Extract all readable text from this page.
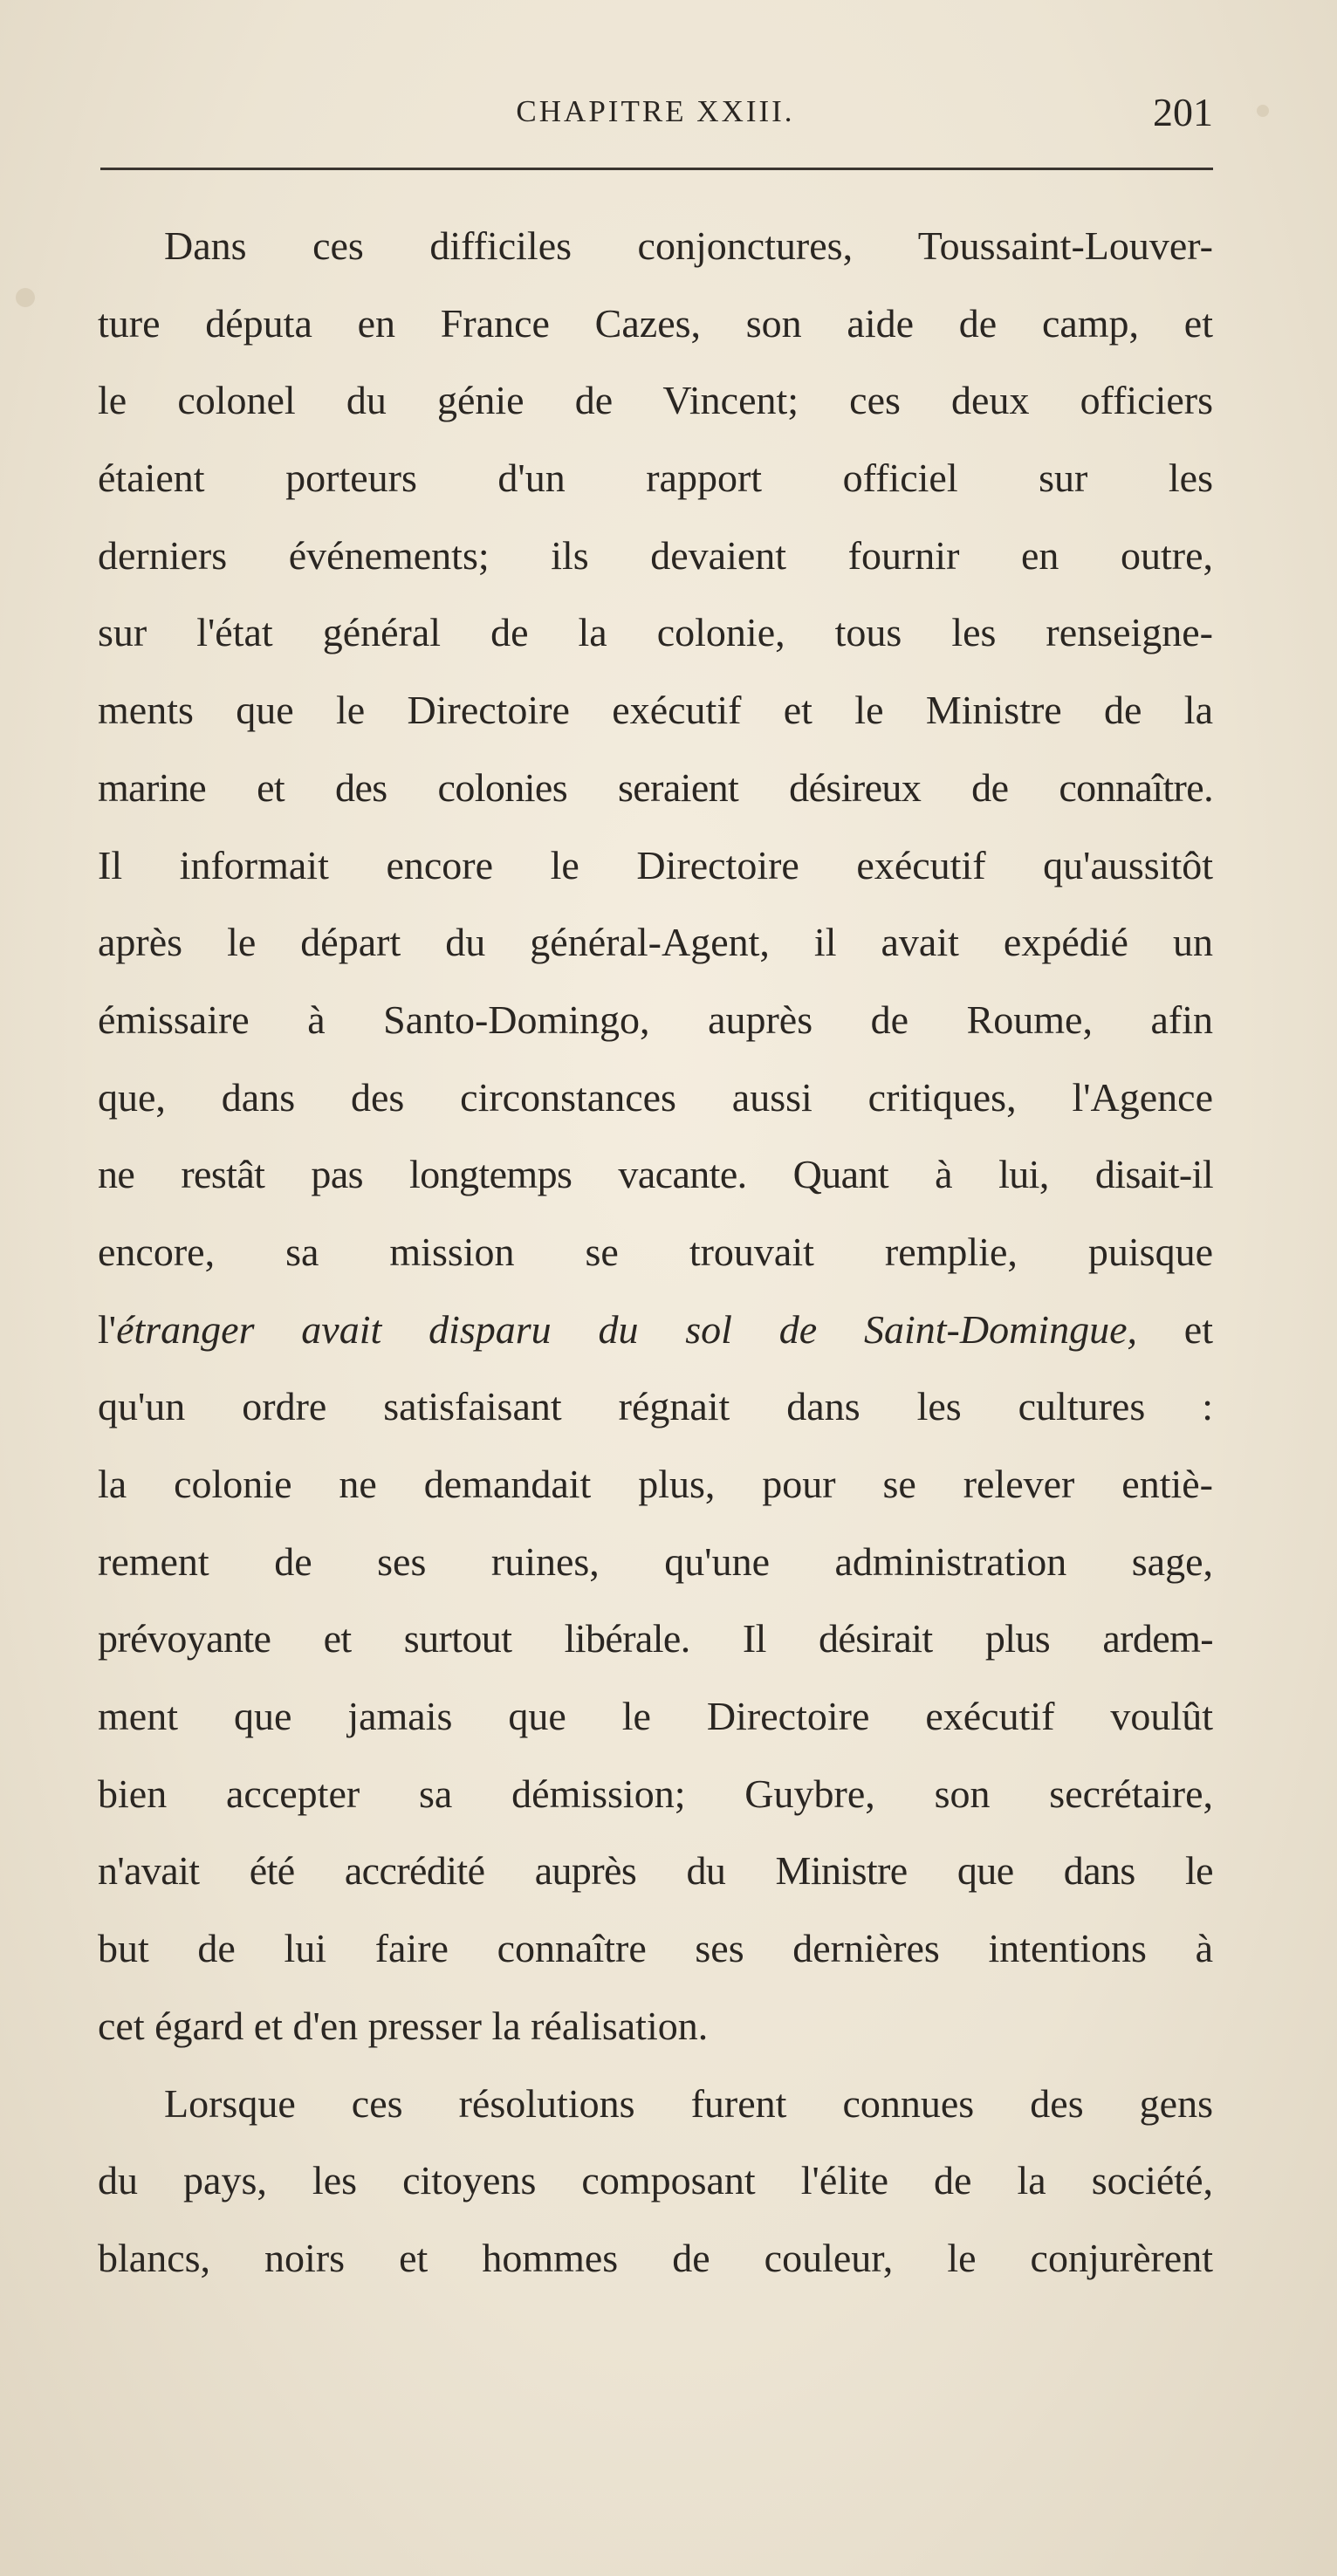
CHAPITRE XXIII.	201
Dans ces difficiles conjonctures, Toussaint-Louver-
ture députa en France Cazes, son aide de camp, et
le colonel du génie de Vincent; ces deux officiers
étaient porteurs d'un rapport officiel sur les
derniers événements; ils devaient fournir en outre,
sur l'état général de la colonie, tous les renseigne-
ments que le Directoire exécutif et le Ministre de la
marine et des colonies seraient désireux de connaître.
Il informait encore le Directoire exécutif qu'aussitôt
après le départ du général-Agent, il avait expédié un
émissaire à Santo-Domingo, auprès de Roume, afin
que, dans des circonstances aussi critiques, l'Agence
ne restât pas longtemps vacante. Quant à lui, disait-il
encore, sa mission se trouvait remplie, puisque
l'étranger avait disparu du sol de Saint-Domingue, et
qu'un ordre satisfaisant régnait dans les cultures :
la colonie ne demandait plus, pour se relever entiè-
rement de ses ruines, qu'une administration sage,
prévoyante et surtout libérale. Il désirait plus ardem-
ment que jamais que le Directoire exécutif voulût
bien accepter sa démission; Guybre, son secrétaire,
n'avait été accrédité auprès du Ministre que dans le
but de lui faire connaître ses dernières intentions à
cet égard et d'en presser la réalisation.
Lorsque ces résolutions furent connues des gens
du pays, les citoyens composant l'élite de la société,
blancs, noirs et hommes de couleur, le conjurèrent
